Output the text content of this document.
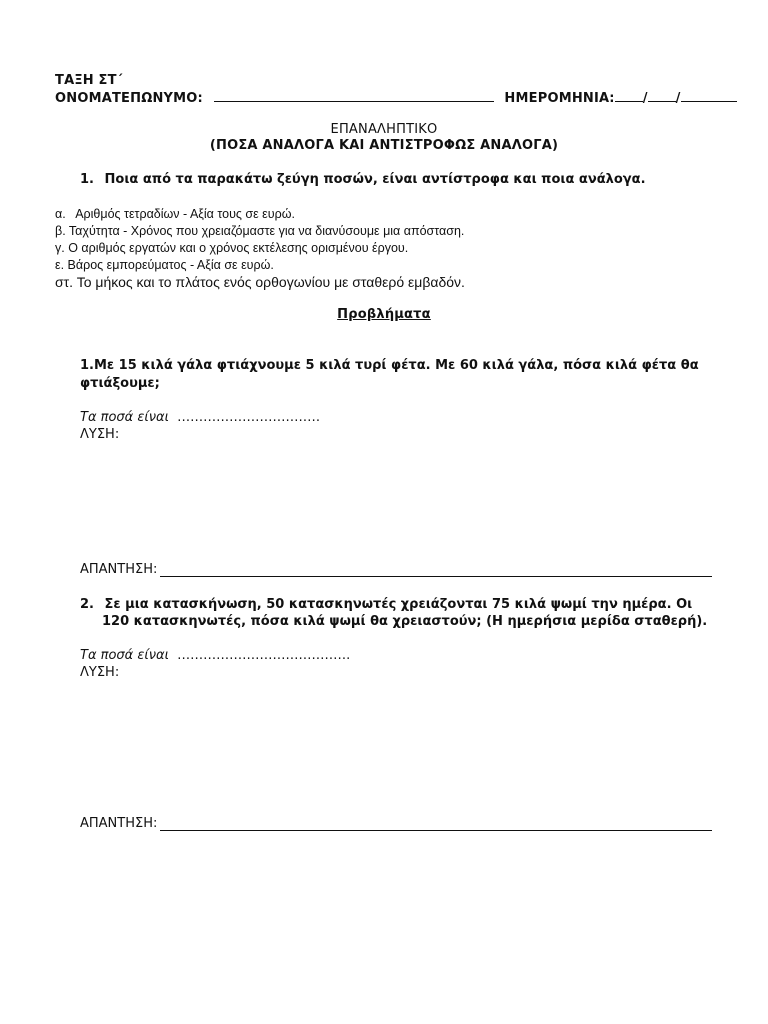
ΤΑΞΗ ΣΤ΄
ΟΝΟΜΑΤΕΠΩΝΥΜΟ:	ΗΜΕΡΟΜΗΝΙΑ: / /
ΕΠΑΝΑΛΗΠΤΙΚΟ
(ΠΟΣΑ ΑΝΑΛΟΓΑ ΚΑΙ ΑΝΤΙΣΤΡΟΦΩΣ ΑΝΑΛΟΓΑ)
1. Ποια από τα παρακάτω ζεύγη ποσών, είναι αντίστροφα και ποια ανάλογα.
α. Αριθμός τετραδίων - Αξία τους σε ευρώ.
β. Ταχύτητα - Χρόνος που χρειαζόμαστε για να διανύσουμε μια απόσταση.
γ. Ο αριθμός εργατών και ο χρόνος εκτέλεσης ορισμένου έργου.
ε. Βάρος εμπορεύματος - Αξία σε ευρώ.
στ. Το μήκος και το πλάτος ενός ορθογωνίου με σταθερό εμβαδόν.
Προβλήματα
1.Με 15 κιλά γάλα φτιάχνουμε 5 κιλά τυρί φέτα. Με 60 κιλά γάλα, πόσα κιλά φέτα θα
φτιάξουμε;
Τα ποσά είναι ……………………………
ΛΥΣΗ:
ΑΠΑΝΤΗΣΗ:
2. Σε μια κατασκήνωση, 50 κατασκηνωτές χρειάζονται 75 κιλά ψωμί την ημέρα. Οι
120 κατασκηνωτές, πόσα κιλά ψωμί θα χρειαστούν; (Η ημερήσια μερίδα σταθερή).
Τα ποσά είναι ………………………………….
ΛΥΣΗ:
ΑΠΑΝΤΗΣΗ:
